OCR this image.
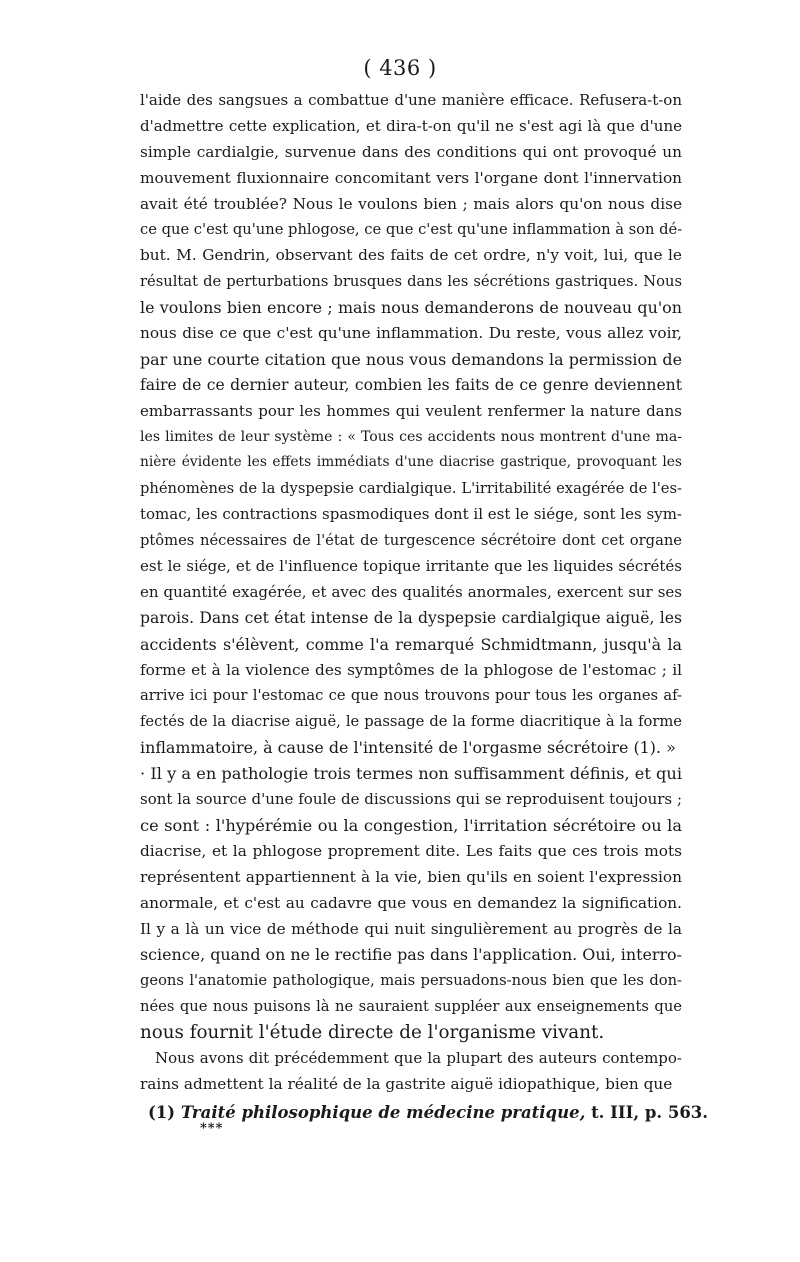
( 436 )
l'aide des sangsues a combattue d'une manière efficace. Refusera-t-on
d'admettre cette explication, et dira-t-on qu'il ne s'est agi là que d'une
simple cardialgie, survenue dans des conditions qui ont provoqué un
mouvement fluxionnaire concomitant vers l'organe dont l'innervation
avait été troublée? Nous le voulons bien ; mais alors qu'on nous dise
ce que c'est qu'une phlogose, ce que c'est qu'une inflammation à son dé-
but. M. Gendrin, observant des faits de cet ordre, n'y voit, lui, que le
résultat de perturbations brusques dans les sécrétions gastriques. Nous
le voulons bien encore ; mais nous demanderons de nouveau qu'on
nous dise ce que c'est qu'une inflammation. Du reste, vous allez voir,
par une courte citation que nous vous demandons la permission de
faire de ce dernier auteur, combien les faits de ce genre deviennent
embarrassants pour les hommes qui veulent renfermer la nature dans
les limites de leur système : « Tous ces accidents nous montrent d'une ma-
nière évidente les effets immédiats d'une diacrise gastrique, provoquant les
phénomènes de la dyspepsie cardialgique. L'irritabilité exagérée de l'es-
tomac, les contractions spasmodiques dont il est le siége, sont les sym-
ptômes nécessaires de l'état de turgescence sécrétoire dont cet organe
est le siége, et de l'influence topique irritante que les liquides sécrétés
en quantité exagérée, et avec des qualités anormales, exercent sur ses
parois. Dans cet état intense de la dyspepsie cardialgique aiguë, les
accidents s'élèvent, comme l'a remarqué Schmidtmann, jusqu'à la
forme et à la violence des symptômes de la phlogose de l'estomac ; il
arrive ici pour l'estomac ce que nous trouvons pour tous les organes af-
fectés de la diacrise aiguë, le passage de la forme diacritique à la forme
inflammatoire, à cause de l'intensité de l'orgasme sécrétoire (1). »
· Il y a en pathologie trois termes non suffisamment définis, et qui
sont la source d'une foule de discussions qui se reproduisent toujours ;
ce sont : l'hypérémie ou la congestion, l'irritation sécrétoire ou la
diacrise, et la phlogose proprement dite. Les faits que ces trois mots
représentent appartiennent à la vie, bien qu'ils en soient l'expression
anormale, et c'est au cadavre que vous en demandez la signification.
Il y a là un vice de méthode qui nuit singulièrement au progrès de la
science, quand on ne le rectifie pas dans l'application. Oui, interro-
geons l'anatomie pathologique, mais persuadons-nous bien que les don-
nées que nous puisons là ne sauraient suppléer aux enseignements que
nous fournit l'étude directe de l'organisme vivant.
Nous avons dit précédemment que la plupart des auteurs contempo-
rains admettent la réalité de la gastrite aiguë idiopathique, bien que
(1) Traité philosophique de médecine pratique, t. III, p. 563.
***
